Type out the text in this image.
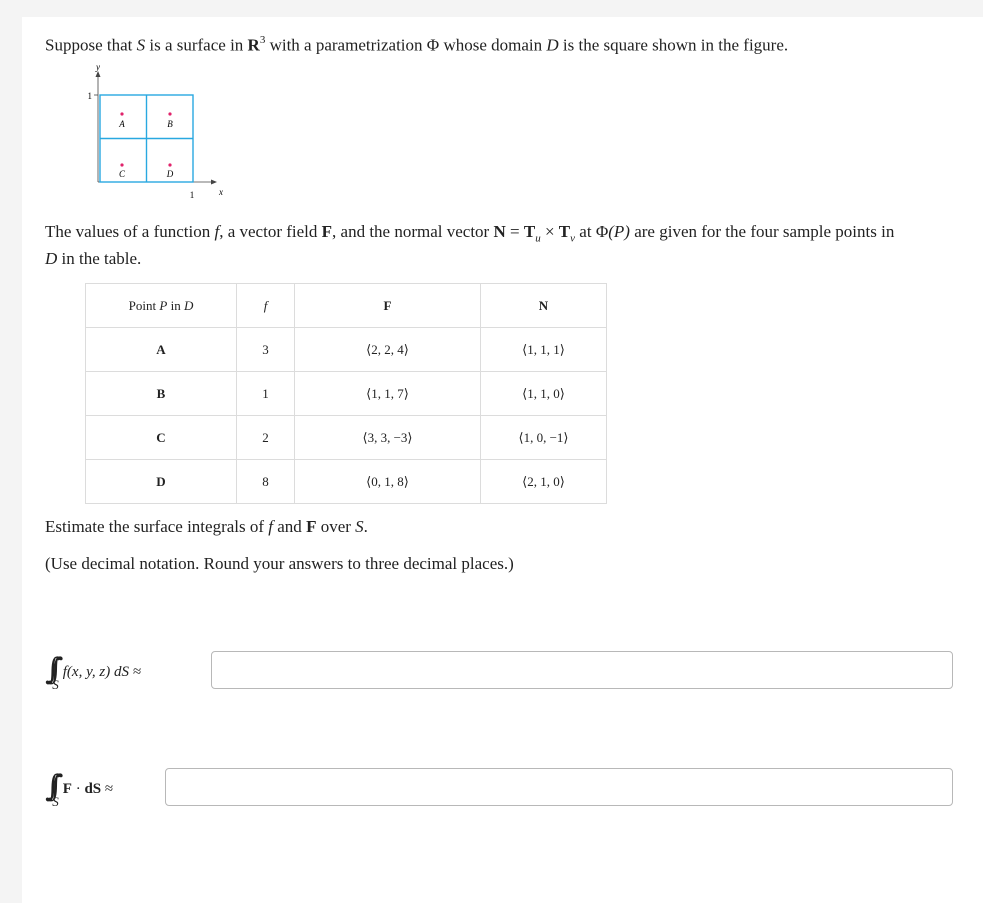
Suppose that S is a surface in $R^3$ with a parametrization Φ whose domain D is the square shown in the figure.
y
1
x
1
A	B
C	D
The values of a function f, a vector field F, and the normal vector $N = T_u \times T_v$ at Φ(P) are given for the four sample points in
D in the table.
Point P in D	f	F	N
A	3	⟨2, 2, 4⟩	⟨1, 1, 1⟩
B	1	⟨1, 1, 7⟩	⟨1, 1, 0⟩
C	2	⟨3, 3, −3⟩	⟨1, 0, −1⟩
D	8	⟨0, 1, 8⟩	⟨2, 1, 0⟩
Estimate the surface integrals of f and F over S.
(Use decimal notation. Round your answers to three decimal places.)
∫∫ S
f(x, y, z) dS ≈
∫∫ S
F · dS ≈
